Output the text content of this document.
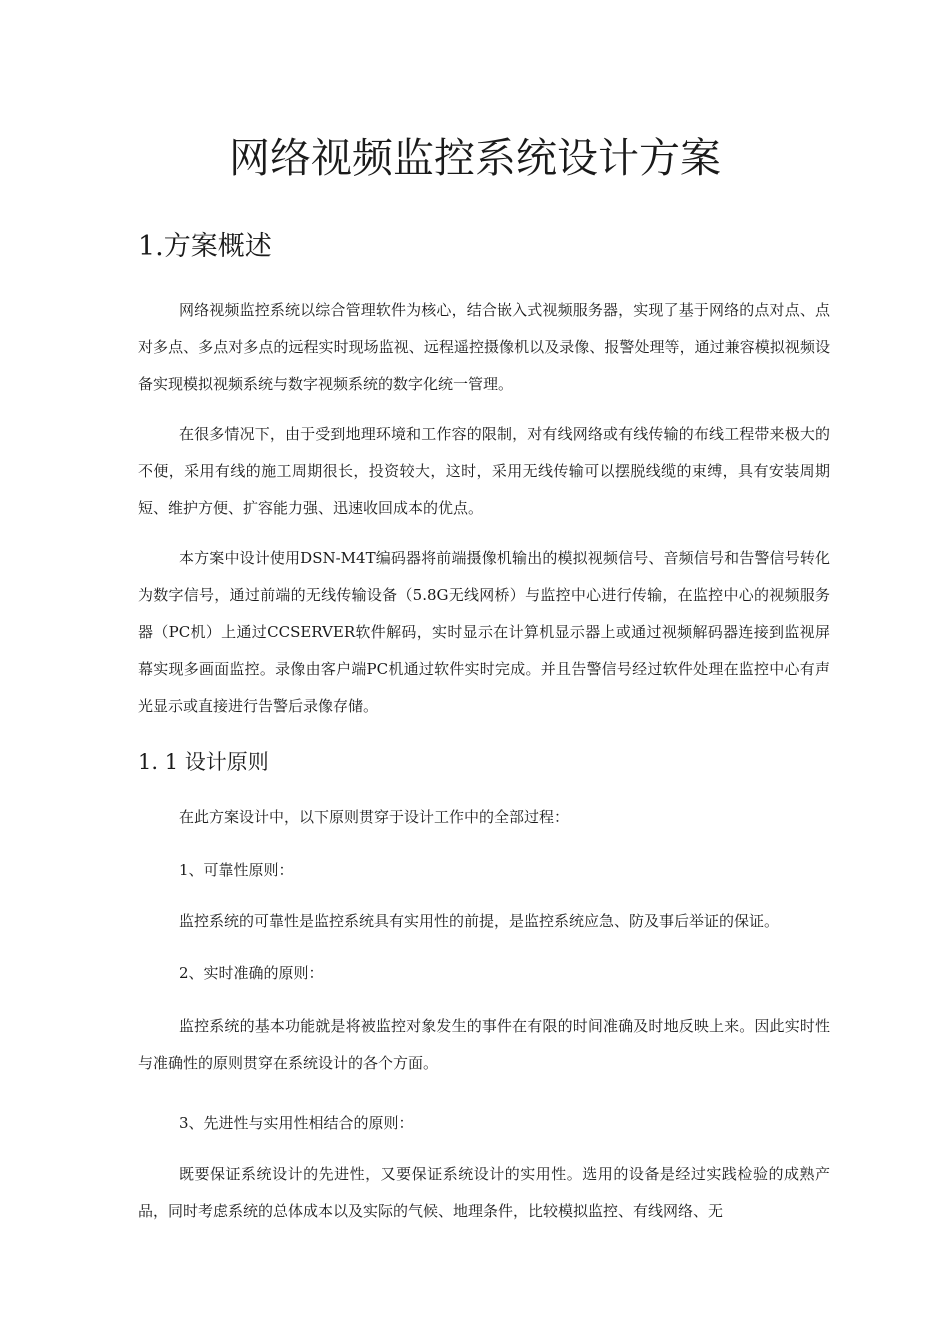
网络视频监控系统设计方案
1.方案概述

网络视频监控系统以综合管理软件为核心，结合嵌入式视频服务器，实现了基于网络的点对点、点对多点、多点对多点的远程实时现场监视、远程遥控摄像机以及录像、报警处理等，通过兼容模拟视频设备实现模拟视频系统与数字视频系统的数字化统一管理。

在很多情况下，由于受到地理环境和工作容的限制，对有线网络或有线传输的布线工程带来极大的不便，采用有线的施工周期很长，投资较大，这时，采用无线传输可以摆脱线缆的束缚，具有安装周期短、维护方便、扩容能力强、迅速收回成本的优点。

本方案中设计使用DSN-M4T编码器将前端摄像机输出的模拟视频信号、音频信号和告警信号转化为数字信号，通过前端的无线传输设备（5.8G无线网桥）与监控中心进行传输，在监控中心的视频服务器（PC机）上通过CCSERVER软件解码，实时显示在计算机显示器上或通过视频解码器连接到监视屏幕实现多画面监控。录像由客户端PC机通过软件实时完成。并且告警信号经过软件处理在监控中心有声光显示或直接进行告警后录像存储。

1. 1 设计原则

在此方案设计中，以下原则贯穿于设计工作中的全部过程：

1、可靠性原则：

监控系统的可靠性是监控系统具有实用性的前提，是监控系统应急、防及事后举证的保证。

2、实时准确的原则：

监控系统的基本功能就是将被监控对象发生的事件在有限的时间准确及时地反映上来。因此实时性与准确性的原则贯穿在系统设计的各个方面。

3、先进性与实用性相结合的原则：

既要保证系统设计的先进性，又要保证系统设计的实用性。选用的设备是经过实践检验的成熟产品，同时考虑系统的总体成本以及实际的气候、地理条件，比较模拟监控、有线网络、无
